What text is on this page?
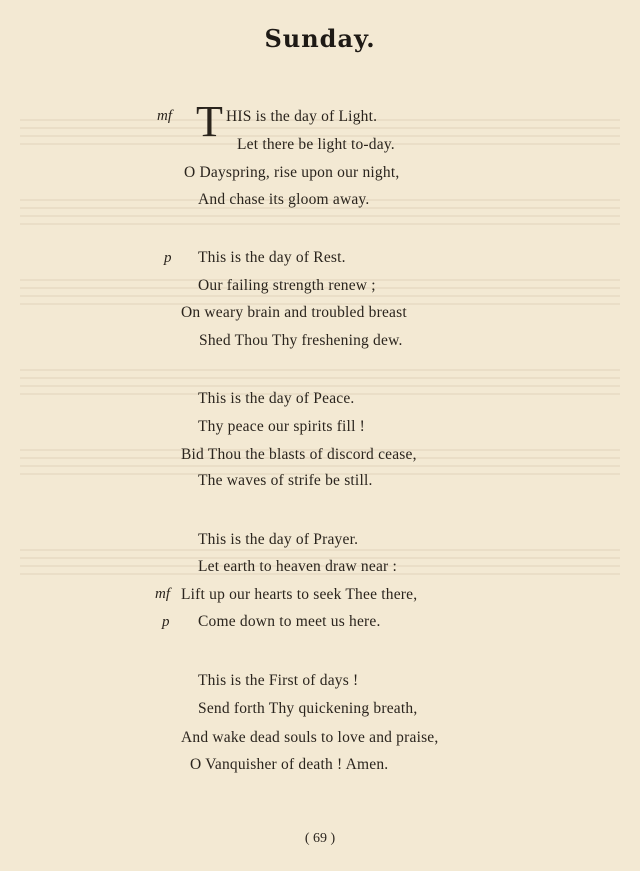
Sunday.
mf T HIS is the day of Light.
Let there be light to-day.
O Dayspring, rise upon our night,
And chase its gloom away.
p This is the day of Rest.
Our failing strength renew ;
On weary brain and troubled breast
Shed Thou Thy freshening dew.
This is the day of Peace.
Thy peace our spirits fill !
Bid Thou the blasts of discord cease,
The waves of strife be still.
This is the day of Prayer.
Let earth to heaven draw near :
mf Lift up our hearts to seek Thee there,
p Come down to meet us here.
This is the First of days !
Send forth Thy quickening breath,
And wake dead souls to love and praise,
O Vanquisher of death ! Amen.
( 69 )
